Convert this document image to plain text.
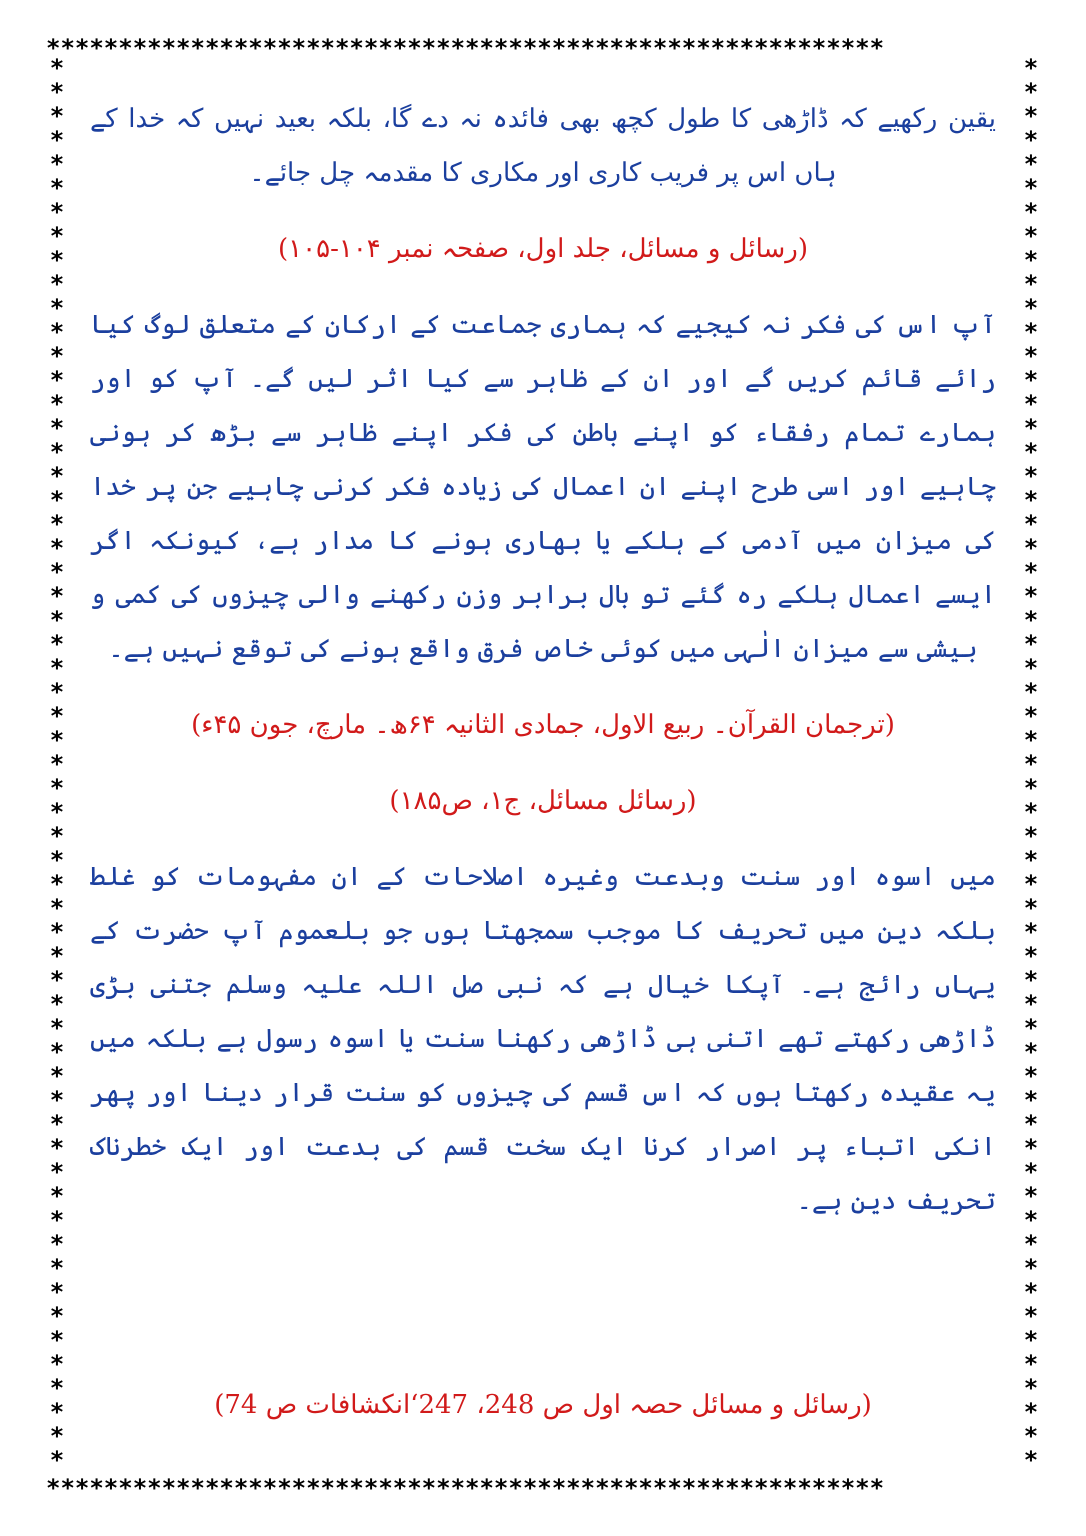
**********************************************************
**********************************************************
***********************************************************
***********************************************************

یقین رکھیے کہ ڈاڑھی کا طول کچھ بھی فائدہ نہ دے گا، بلکہ بعید نہیں کہ خدا کے ہاں اس پر فریب کاری اور مکاری کا مقدمہ چل جائے۔

(رسائل و مسائل، جلد اول، صفحہ نمبر ۱۰۴-۱۰۵)

آپ اس کی فکر نہ کیجیے کہ ہماری جماعت کے ارکان کے متعلق لوگ کیا رائے قائم کریں گے اور ان کے ظاہر سے کیا اثر لیں گے۔ آپ کو اور ہمارے تمام رفقاء کو اپنے باطن کی فکر اپنے ظاہر سے بڑھ کر ہونی چاہیے اور اسی طرح اپنے ان اعمال کی زیادہ فکر کرنی چاہیے جن پر خدا کی میزان میں آدمی کے ہلکے یا بھاری ہونے کا مدار ہے، کیونکہ اگر ایسے اعمال ہلکے رہ گئے تو بال برابر وزن رکھنے والی چیزوں کی کمی و بیشی سے میزان الٰہی میں کوئی خاص فرق واقع ہونے کی توقع نہیں ہے۔

(ترجمان القرآن۔ ربیع الاول، جمادی الثانیہ ۶۴ھ۔ مارچ، جون ۴۵ء)

(رسائل مسائل، ج۱، ص۱۸۵)

میں اسوہ اور سنت وبدعت وغیرہ اصلاحات کے ان مفہومات کو غلط بلکہ دین میں تحریف کا موجب سمجھتا ہوں جو بلعموم آپ حضرت کے یہاں رائج ہے۔ آپکا خیال ہے کہ نبی صل اللہ علیہ وسلم جتنی بڑی ڈاڑھی رکھتے تھے اتنی ہی ڈاڑھی رکھنا سنت یا اسوہ رسول ہے بلکہ میں یہ عقیدہ رکھتا ہوں کہ اس قسم کی چیزوں کو سنت قرار دینا اور پھر انکی اتباء پر اصرار کرنا ایک سخت قسم کی بدعت اور ایک خطرناک تحریف دین ہے۔

(رسائل و مسائل حصہ اول ص 248، 247‘انکشافات ص 74)
